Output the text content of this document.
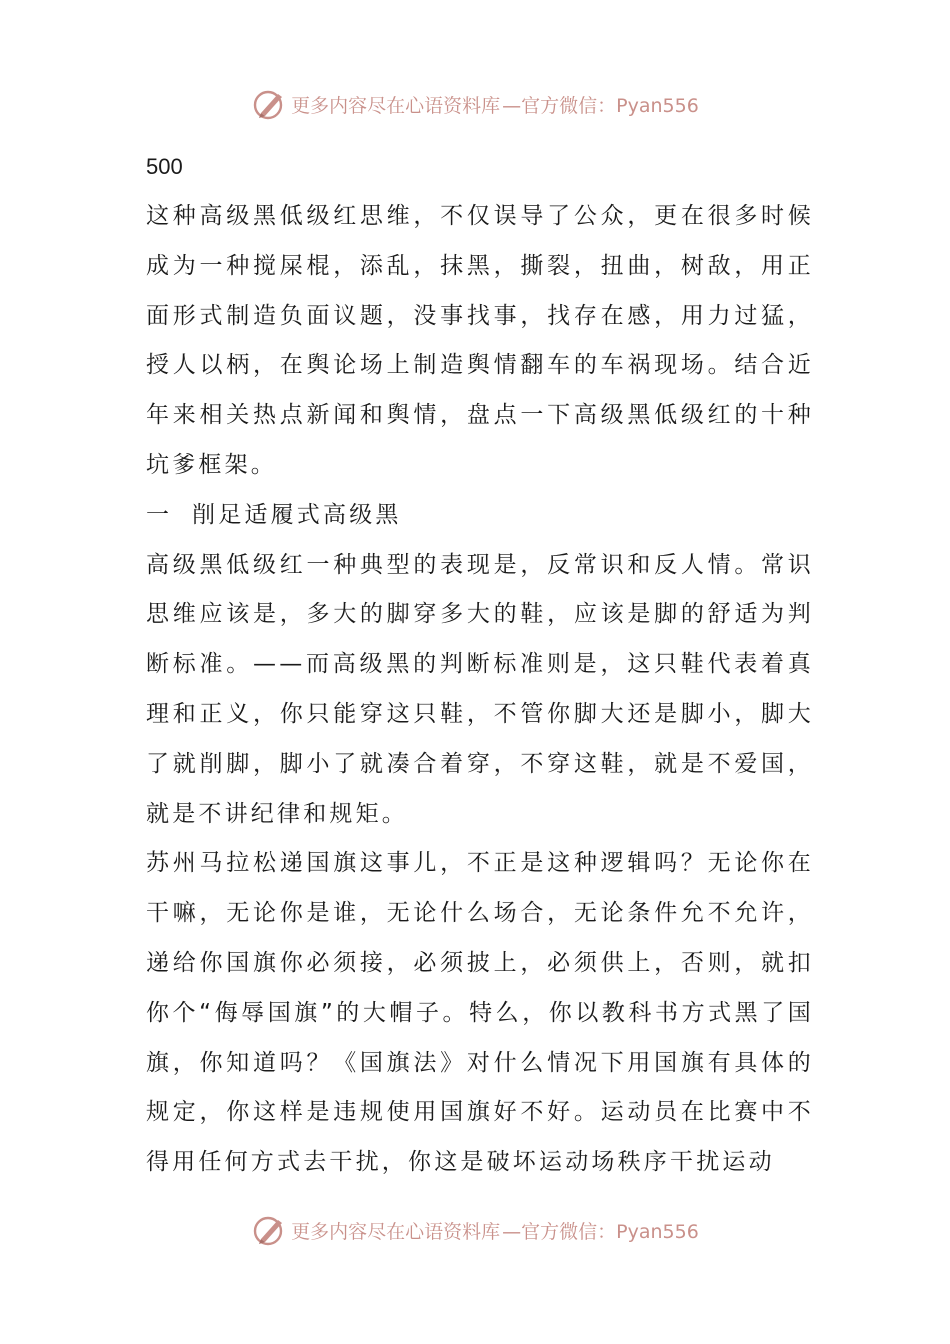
更多内容尽在心语资料库 —官方微信：Pyan556

500

这种高级黑低级红思维，不仅误导了公众，更在很多时候成为一种搅屎棍，添乱，抹黑，撕裂，扭曲，树敌，用正面形式制造负面议题，没事找事，找存在感，用力过猛，授人以柄，在舆论场上制造舆情翻车的车祸现场。结合近年来相关热点新闻和舆情，盘点一下高级黑低级红的十种坑爹框架。

一 削足适履式高级黑

高级黑低级红一种典型的表现是，反常识和反人情。常识思维应该是，多大的脚穿多大的鞋，应该是脚的舒适为判断标准。——而高级黑的判断标准则是，这只鞋代表着真理和正义，你只能穿这只鞋，不管你脚大还是脚小，脚大了就削脚，脚小了就凑合着穿，不穿这鞋，就是不爱国，就是不讲纪律和规矩。

苏州马拉松递国旗这事儿，不正是这种逻辑吗？无论你在干嘛，无论你是谁，无论什么场合，无论条件允不允许，递给你国旗你必须接，必须披上，必须供上，否则，就扣你个“侮辱国旗”的大帽子。特么，你以教科书方式黑了国旗，你知道吗？《国旗法》对什么情况下用国旗有具体的规定，你这样是违规使用国旗好不好。运动员在比赛中不得用任何方式去干扰，你这是破坏运动场秩序干扰运动

更多内容尽在心语资料库 —官方微信：Pyan556
